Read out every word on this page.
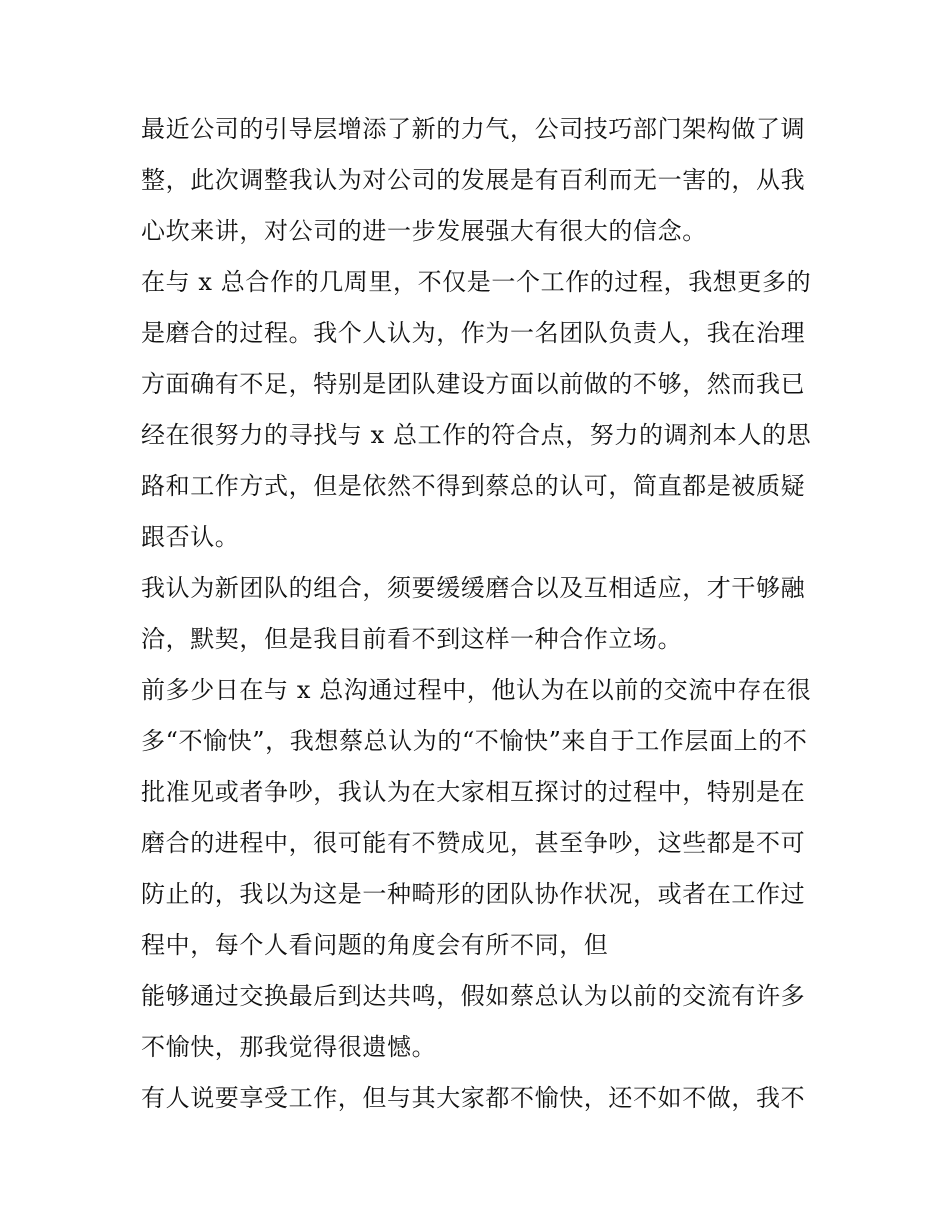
最近公司的引导层增添了新的力气，公司技巧部门架构做了调
整，此次调整我认为对公司的发展是有百利而无一害的，从我
心坎来讲，对公司的进一步发展强大有很大的信念。
在与 x 总合作的几周里，不仅是一个工作的过程，我想更多的
是磨合的过程。我个人认为，作为一名团队负责人，我在治理
方面确有不足，特别是团队建设方面以前做的不够，然而我已
经在很努力的寻找与 x 总工作的符合点，努力的调剂本人的思
路和工作方式，但是依然不得到蔡总的认可，简直都是被质疑
跟否认。
我认为新团队的组合，须要缓缓磨合以及互相适应，才干够融
洽，默契，但是我目前看不到这样一种合作立场。
前多少日在与 x 总沟通过程中，他认为在以前的交流中存在很
多“不愉快”，我想蔡总认为的“不愉快”来自于工作层面上的不
批准见或者争吵，我认为在大家相互探讨的过程中，特别是在
磨合的进程中，很可能有不赞成见，甚至争吵，这些都是不可
防止的，我以为这是一种畸形的团队协作状况，或者在工作过
程中，每个人看问题的角度会有所不同，但
能够通过交换最后到达共鸣，假如蔡总认为以前的交流有许多
不愉快，那我觉得很遗憾。
有人说要享受工作，但与其大家都不愉快，还不如不做，我不
